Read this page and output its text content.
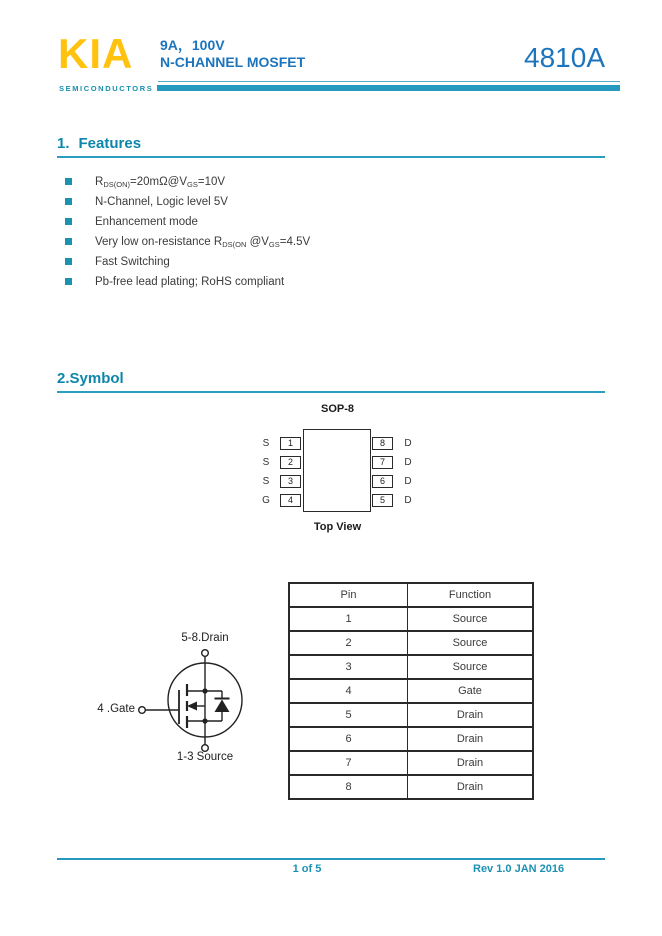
KIA
SEMICONDUCTORS
9A，100V
N-CHANNEL MOSFET	4810A
1. Features
$R_{DS(ON)}=20m\Omega@V_{GS}=10V$
N-Channel, Logic level 5V
Enhancement mode
Very low on-resistance $R_{DS(ON}$ $@V_{GS}=4.5V$
Fast Switching
Pb-free lead plating; RoHS compliant
2.Symbol
SOP-8
S	1
S	2
S	3
G	4
8	D
7	D
6	D
5	D
Top View
5-8.Drain
4 .Gate
1-3 Source
Pin	Function
1	Source
2	Source
3	Source
4	Gate
5	Drain
6	Drain
7	Drain
8	Drain
1 of 5	Rev 1.0 JAN 2016
